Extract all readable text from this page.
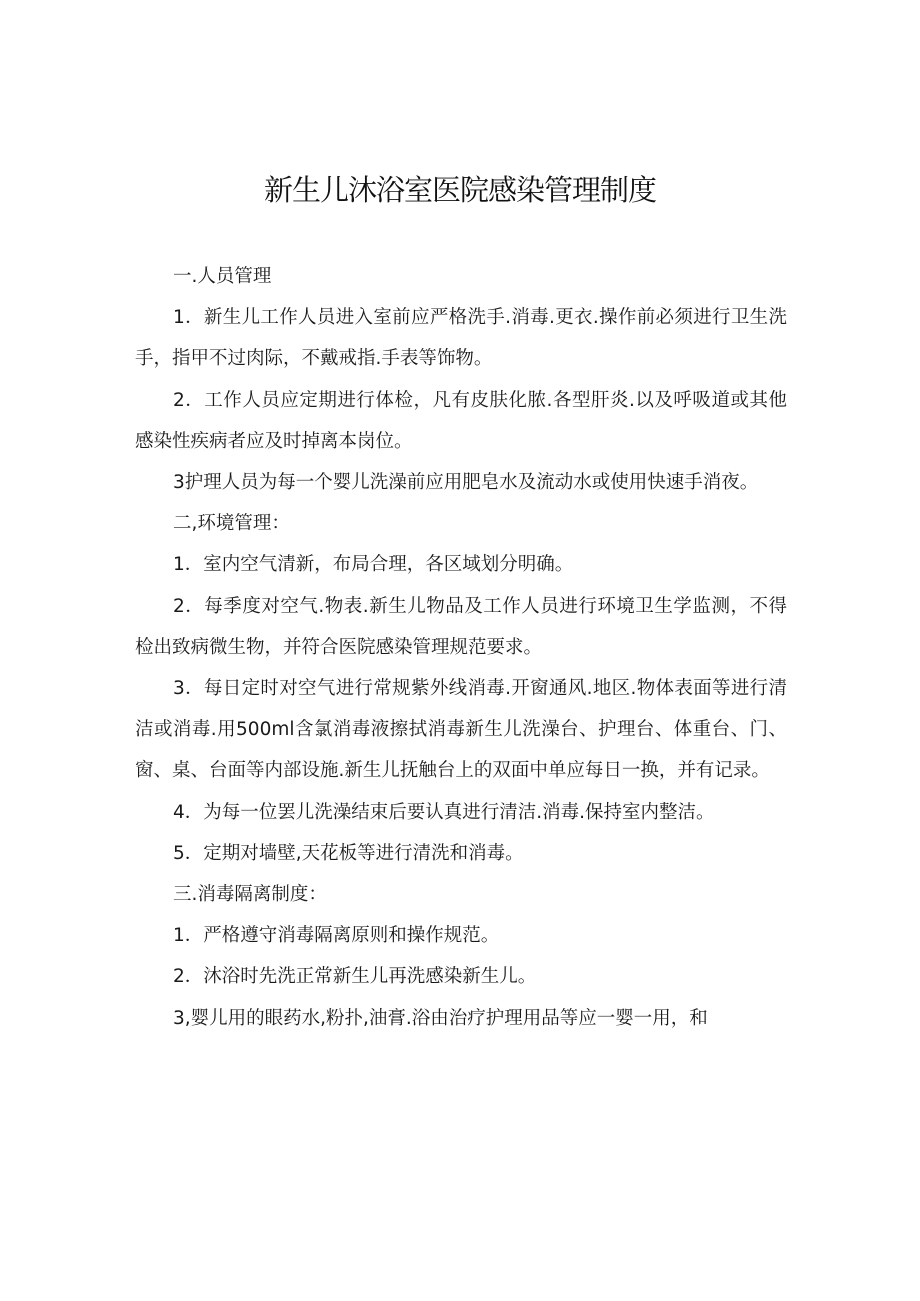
新生儿沐浴室医院感染管理制度

一.人员管理

1．新生儿工作人员进入室前应严格洗手.消毒.更衣.操作前必须进行卫生洗手，指甲不过肉际，不戴戒指.手表等饰物。

2．工作人员应定期进行体检，凡有皮肤化脓.各型肝炎.以及呼吸道或其他感染性疾病者应及时掉离本岗位。

3护理人员为每一个婴儿洗澡前应用肥皂水及流动水或使用快速手消夜。

二,环境管理：

1．室内空气清新，布局合理，各区域划分明确。

2．每季度对空气.物表.新生儿物品及工作人员进行环境卫生学监测，不得检出致病微生物，并符合医院感染管理规范要求。

3．每日定时对空气进行常规紫外线消毒.开窗通风.地区.物体表面等进行清洁或消毒.用500ml含氯消毒液擦拭消毒新生儿洗澡台、护理台、体重台、门、窗、桌、台面等内部设施.新生儿抚触台上的双面中单应每日一换，并有记录。

4．为每一位罢儿洗澡结束后要认真进行清洁.消毒.保持室内整洁。

5．定期对墙壁,天花板等进行清洗和消毒。

三.消毒隔离制度：

1．严格遵守消毒隔离原则和操作规范。

2．沐浴时先洗正常新生儿再洗感染新生儿。

3,婴儿用的眼药水,粉扑,油膏.浴由治疗护理用品等应一婴一用，和
